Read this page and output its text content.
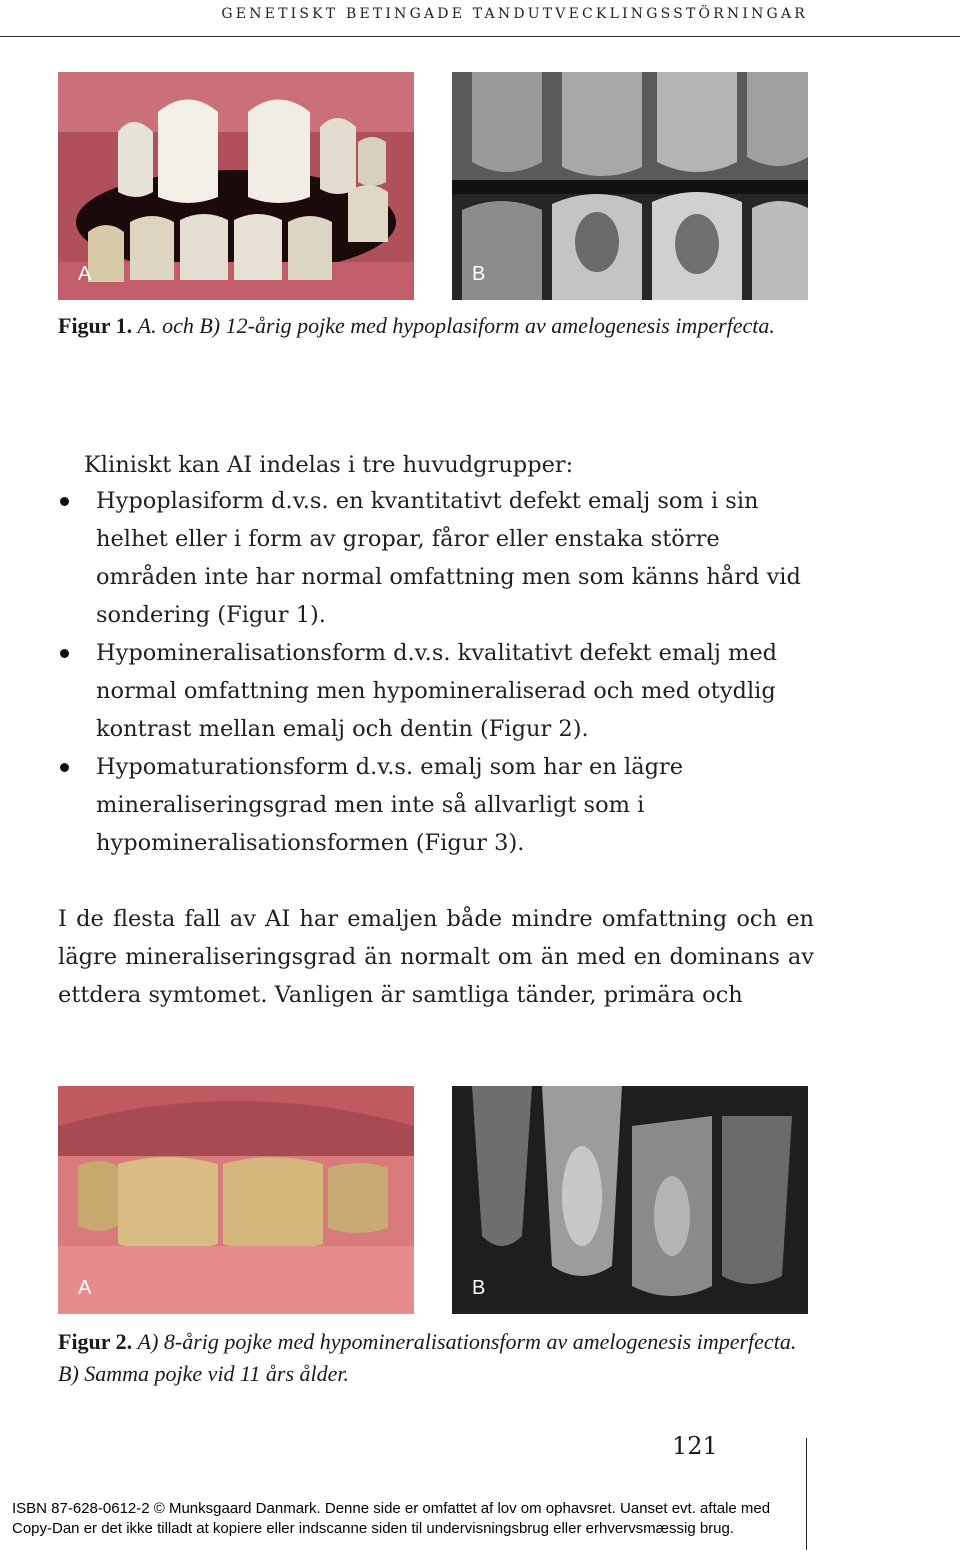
GENETISKT BETINGADE TANDUTVECKLINGSSTÖRNINGAR
A	B
Figur 1. A. och B) 12-årig pojke med hypoplasiform av amelogenesis imperfecta.
Kliniskt kan AI indelas i tre huvudgrupper:
Hypoplasiform d.v.s. en kvantitativt defekt emalj som i sin helhet eller i form av gropar, fåror eller enstaka större områden inte har normal omfattning men som känns hård vid sondering (Figur 1).
Hypomineralisationsform d.v.s. kvalitativt defekt emalj med normal omfattning men hypomineraliserad och med otydlig kontrast mellan emalj och dentin (Figur 2).
Hypomaturationsform d.v.s. emalj som har en lägre mineraliseringsgrad men inte så allvarligt som i hypomineralisationsformen (Figur 3).
I de flesta fall av AI har emaljen både mindre omfattning och en lägre mineraliseringsgrad än normalt om än med en dominans av ettdera symtomet. Vanligen är samtliga tänder, primära och
A	B
Figur 2. A) 8-årig pojke med hypomineralisationsform av amelogenesis imperfecta. B) Samma pojke vid 11 års ålder.
121
ISBN 87-628-0612-2 © Munksgaard Danmark. Denne side er omfattet af lov om ophavsret. Uanset evt. aftale med
Copy-Dan er det ikke tilladt at kopiere eller indscanne siden til undervisningsbrug eller erhvervsmæssig brug.
